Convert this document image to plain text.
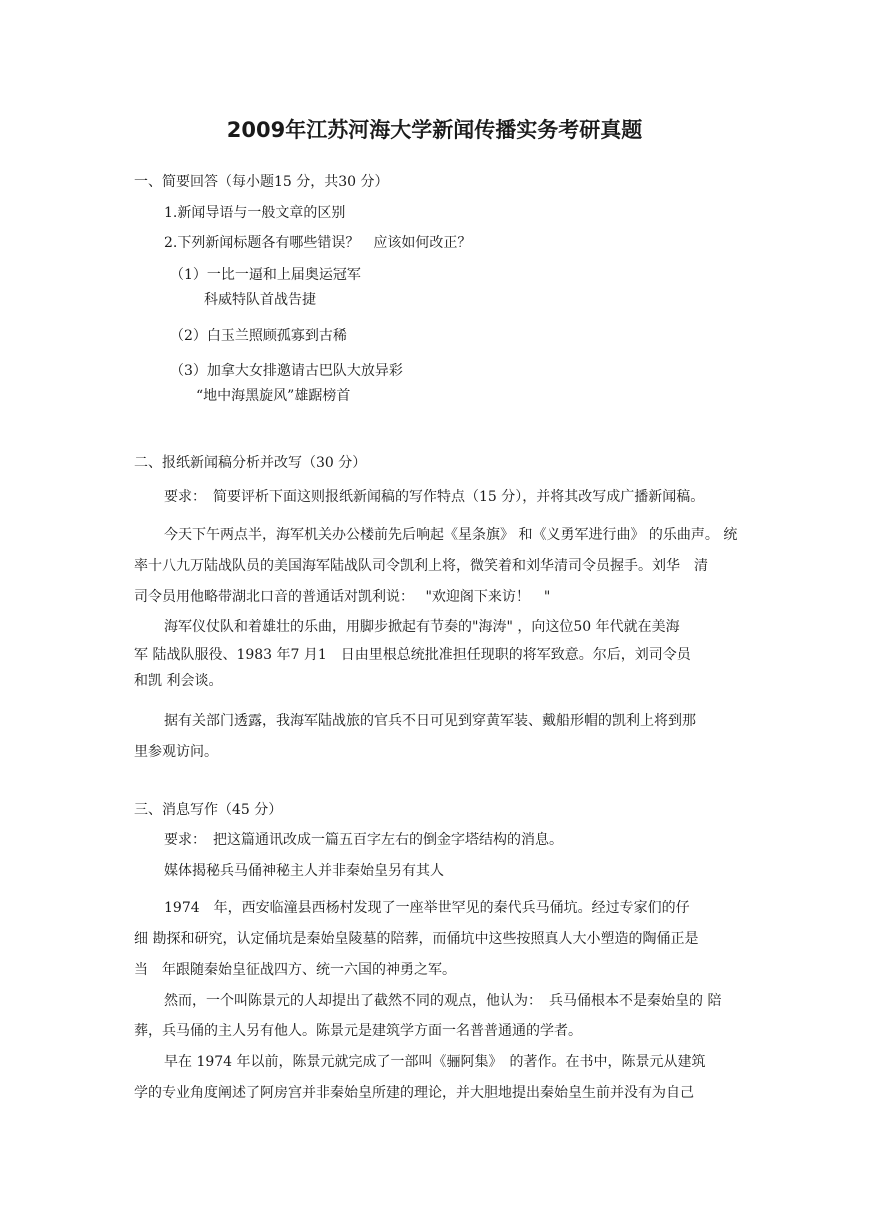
2009年江苏河海大学新闻传播实务考研真题
一、简要回答（每小题15 分，共30 分）
1.新闻导语与一般文章的区别
2.下列新闻标题各有哪些错误？　应该如何改正？
（1）一比一逼和上届奥运冠军
科威特队首战告捷
（2）白玉兰照顾孤寡到古稀
（3）加拿大女排邀请古巴队大放异彩
“地中海黑旋风”雄踞榜首
二、报纸新闻稿分析并改写（30 分）
要求：　简要评析下面这则报纸新闻稿的写作特点（15 分），并将其改写成广播新闻稿。
今天下午两点半，海军机关办公楼前先后响起《星条旗》 和《义勇军进行曲》 的乐曲声。 统
率十八九万陆战队员的美国海军陆战队司令凯利上将，微笑着和刘华清司令员握手。刘华　清
司令员用他略带湖北口音的普通话对凯利说：　 "欢迎阁下来访！　"
海军仪仗队和着雄壮的乐曲，用脚步掀起有节奏的"海涛" ，向这位50 年代就在美海
军 陆战队服役、1983 年7 月1　日由里根总统批准担任现职的将军致意。尔后，刘司令员
和凯 利会谈。
据有关部门透露，我海军陆战旅的官兵不日可见到穿黄军装、戴船形帽的凯利上将到那
里参观访问。
三、消息写作（45 分）
要求：　把这篇通讯改成一篇五百字左右的倒金字塔结构的消息。
媒体揭秘兵马俑神秘主人并非秦始皇另有其人
1974　年，西安临潼县西杨村发现了一座举世罕见的秦代兵马俑坑。经过专家们的仔
细 勘探和研究，认定俑坑是秦始皇陵墓的陪葬，而俑坑中这些按照真人大小塑造的陶俑正是
当　年跟随秦始皇征战四方、统一六国的神勇之军。
然而，一个叫陈景元的人却提出了截然不同的观点，他认为：　兵马俑根本不是秦始皇的 陪
葬，兵马俑的主人另有他人。陈景元是建筑学方面一名普普通通的学者。
早在 1974 年以前，陈景元就完成了一部叫《骊阿集》　的著作。在书中，陈景元从建筑
学的专业角度阐述了阿房宫并非秦始皇所建的理论，并大胆地提出秦始皇生前并没有为自己
